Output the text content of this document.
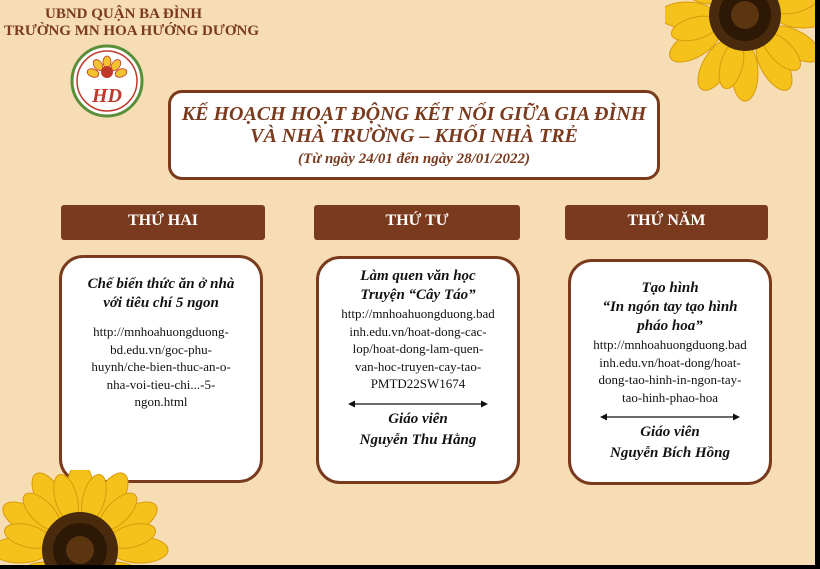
UBND QUẬN BA ĐÌNH
TRƯỜNG MN HOA HƯỚNG DƯƠNG
HD
KẾ HOẠCH HOẠT ĐỘNG KẾT NỐI GIỮA GIA ĐÌNH
VÀ NHÀ TRƯỜNG – KHỐI NHÀ TRẺ
(Từ ngày 24/01 đến ngày 28/01/2022)
THỨ HAI	THỨ TƯ	THỨ NĂM
Chế biến thức ăn ở nhà
với tiêu chí 5 ngon
http://mnhoahuongduong-
bd.edu.vn/goc-phu-
huynh/che-bien-thuc-an-o-
nha-voi-tieu-chi...-5-
ngon.html
Làm quen văn học
Truyện “Cây Táo”
http://mnhoahuongduong.bad
inh.edu.vn/hoat-dong-cac-
lop/hoat-dong-lam-quen-
van-hoc-truyen-cay-tao-
PMTD22SW1674
Giáo viên
Nguyễn Thu Hằng
Tạo hình
“In ngón tay tạo hình
pháo hoa”
http://mnhoahuongduong.bad
inh.edu.vn/hoat-dong/hoat-
dong-tao-hinh-in-ngon-tay-
tao-hinh-phao-hoa
Giáo viên
Nguyễn Bích Hồng
